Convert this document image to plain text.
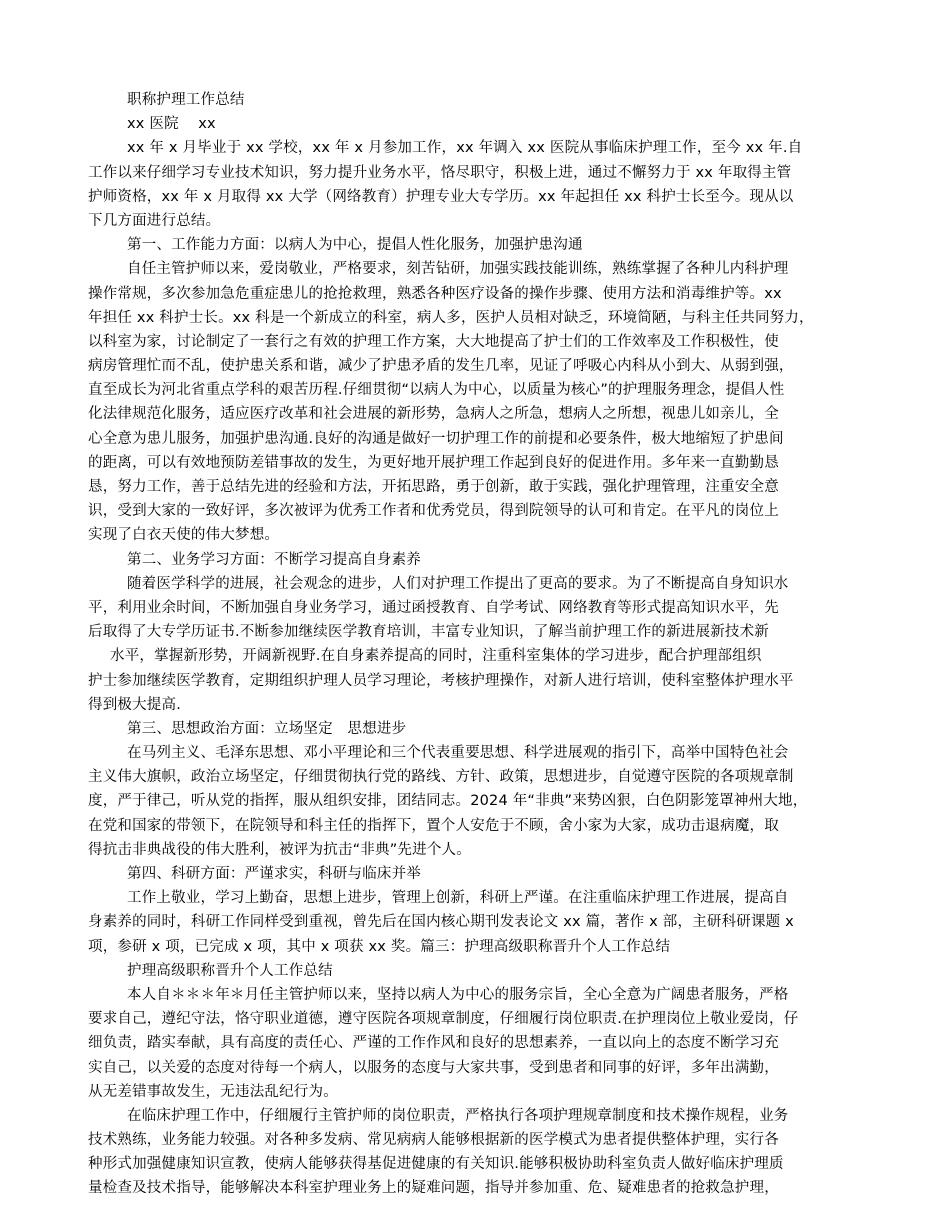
职称护理工作总结
xx 医院　 xx
xx 年 x 月毕业于 xx 学校，xx 年 x 月参加工作，xx 年调入 xx 医院从事临床护理工作，至今 xx 年.自
工作以来仔细学习专业技术知识，努力提升业务水平，恪尽职守，积极上进，通过不懈努力于 xx 年取得主管
护师资格，xx 年 x 月取得 xx 大学（网络教育）护理专业大专学历。xx 年起担任 xx 科护士长至今。现从以
下几方面进行总结。
第一、工作能力方面：以病人为中心，提倡人性化服务，加强护患沟通
自任主管护师以来，爱岗敬业，严格要求，刻苦钻研，加强实践技能训练，熟练掌握了各种儿内科护理
操作常规，多次参加急危重症患儿的抢抢救理，熟悉各种医疗设备的操作步骤、使用方法和消毒维护等。xx
年担任 xx 科护士长。xx 科是一个新成立的科室，病人多，医护人员相对缺乏，环境简陋，与科主任共同努力，
以科室为家，讨论制定了一套行之有效的护理工作方案，大大地提高了护士们的工作效率及工作积极性，使
病房管理忙而不乱，使护患关系和谐，减少了护患矛盾的发生几率，见证了呼吸心内科从小到大、从弱到强，
直至成长为河北省重点学科的艰苦历程.仔细贯彻“以病人为中心，以质量为核心”的护理服务理念，提倡人性
化法律规范化服务，适应医疗改革和社会进展的新形势，急病人之所急，想病人之所想，视患儿如亲儿，全
心全意为患儿服务，加强护患沟通.良好的沟通是做好一切护理工作的前提和必要条件，极大地缩短了护患间
的距离，可以有效地预防差错事故的发生，为更好地开展护理工作起到良好的促进作用。多年来一直勤勤恳
恳，努力工作，善于总结先进的经验和方法，开拓思路，勇于创新，敢于实践，强化护理管理，注重安全意
识，受到大家的一致好评，多次被评为优秀工作者和优秀党员，得到院领导的认可和肯定。在平凡的岗位上
实现了白衣天使的伟大梦想。
第二、业务学习方面：不断学习提高自身素养
随着医学科学的进展，社会观念的进步，人们对护理工作提出了更高的要求。为了不断提高自身知识水
平，利用业余时间，不断加强自身业务学习，通过函授教育、自学考试、网络教育等形式提高知识水平，先
后取得了大专学历证书.不断参加继续医学教育培训，丰富专业知识，了解当前护理工作的新进展新技术新
水平，掌握新形势，开阔新视野.在自身素养提高的同时，注重科室集体的学习进步，配合护理部组织
护士参加继续医学教育，定期组织护理人员学习理论，考核护理操作，对新人进行培训，使科室整体护理水平
得到极大提高.
第三、思想政治方面：立场坚定　思想进步
在马列主义、毛泽东思想、邓小平理论和三个代表重要思想、科学进展观的指引下，高举中国特色社会
主义伟大旗帜，政治立场坚定，仔细贯彻执行党的路线、方针、政策，思想进步，自觉遵守医院的各项规章制
度，严于律己，听从党的指挥，服从组织安排，团结同志。2024 年“非典”来势凶狠，白色阴影笼罩神州大地，
在党和国家的带领下，在院领导和科主任的指挥下，置个人安危于不顾，舍小家为大家，成功击退病魔，取
得抗击非典战役的伟大胜利，被评为抗击“非典”先进个人。
第四、科研方面：严谨求实，科研与临床并举
工作上敬业，学习上勤奋，思想上进步，管理上创新，科研上严谨。在注重临床护理工作进展，提高自
身素养的同时，科研工作同样受到重视，曾先后在国内核心期刊发表论文 xx 篇，著作 x 部，主研科研课题 x
项，参研 x 项，已完成 x 项，其中 x 项获 xx 奖。篇三：护理高级职称晋升个人工作总结
护理高级职称晋升个人工作总结
本人自＊＊＊年＊月任主管护师以来，坚持以病人为中心的服务宗旨，全心全意为广阔患者服务，严格
要求自己，遵纪守法，恪守职业道德，遵守医院各项规章制度，仔细履行岗位职责.在护理岗位上敬业爱岗，仔
细负责，踏实奉献，具有高度的责任心、严谨的工作作风和良好的思想素养，一直以向上的态度不断学习充
实自己，以关爱的态度对待每一个病人，以服务的态度与大家共事，受到患者和同事的好评，多年出满勤，
从无差错事故发生，无违法乱纪行为。
在临床护理工作中，仔细履行主管护师的岗位职责，严格执行各项护理规章制度和技术操作规程，业务
技术熟练，业务能力较强。对各种多发病、常见病病人能够根据新的医学模式为患者提供整体护理，实行各
种形式加强健康知识宣教，使病人能够获得基促进健康的有关知识.能够积极协助科室负责人做好临床护理质
量检查及技术指导，能够解决本科室护理业务上的疑难问题，指导并参加重、危、疑难患者的抢救急护理，
